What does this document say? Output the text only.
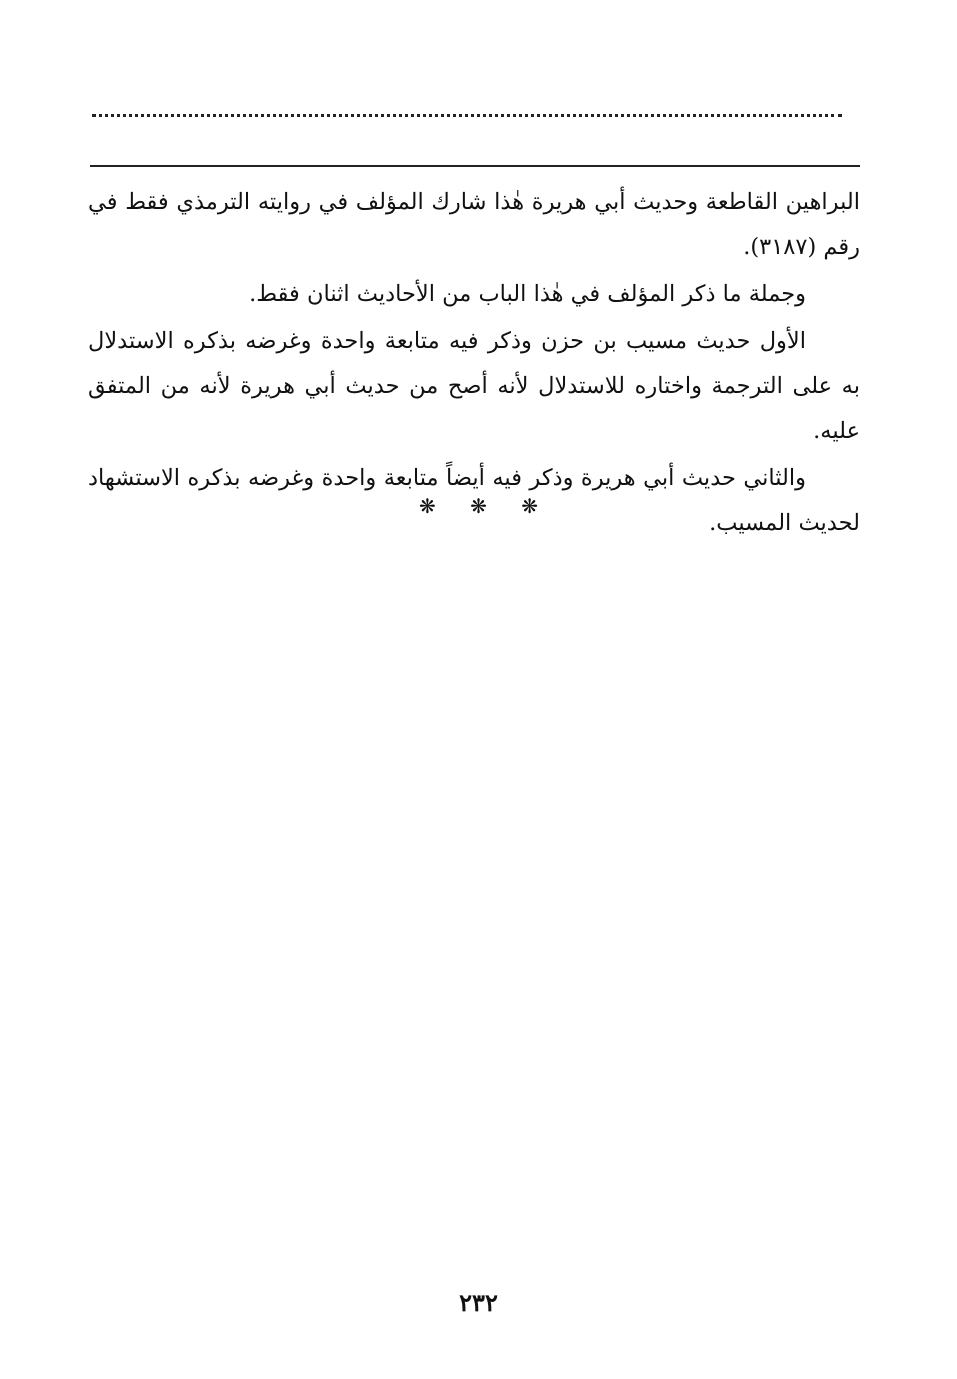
البراهين القاطعة وحديث أبي هريرة هٰذا شارك المؤلف في روايته الترمذي فقط في رقم (٣١٨٧).

وجملة ما ذكر المؤلف في هٰذا الباب من الأحاديث اثنان فقط.

الأول حديث مسيب بن حزن وذكر فيه متابعة واحدة وغرضه بذكره الاستدلال به على الترجمة واختاره للاستدلال لأنه أصح من حديث أبي هريرة لأنه من المتفق عليه.

والثاني حديث أبي هريرة وذكر فيه أيضاً متابعة واحدة وغرضه بذكره الاستشهاد لحديث المسيب.

❋ ❋ ❋
٢٣٢
